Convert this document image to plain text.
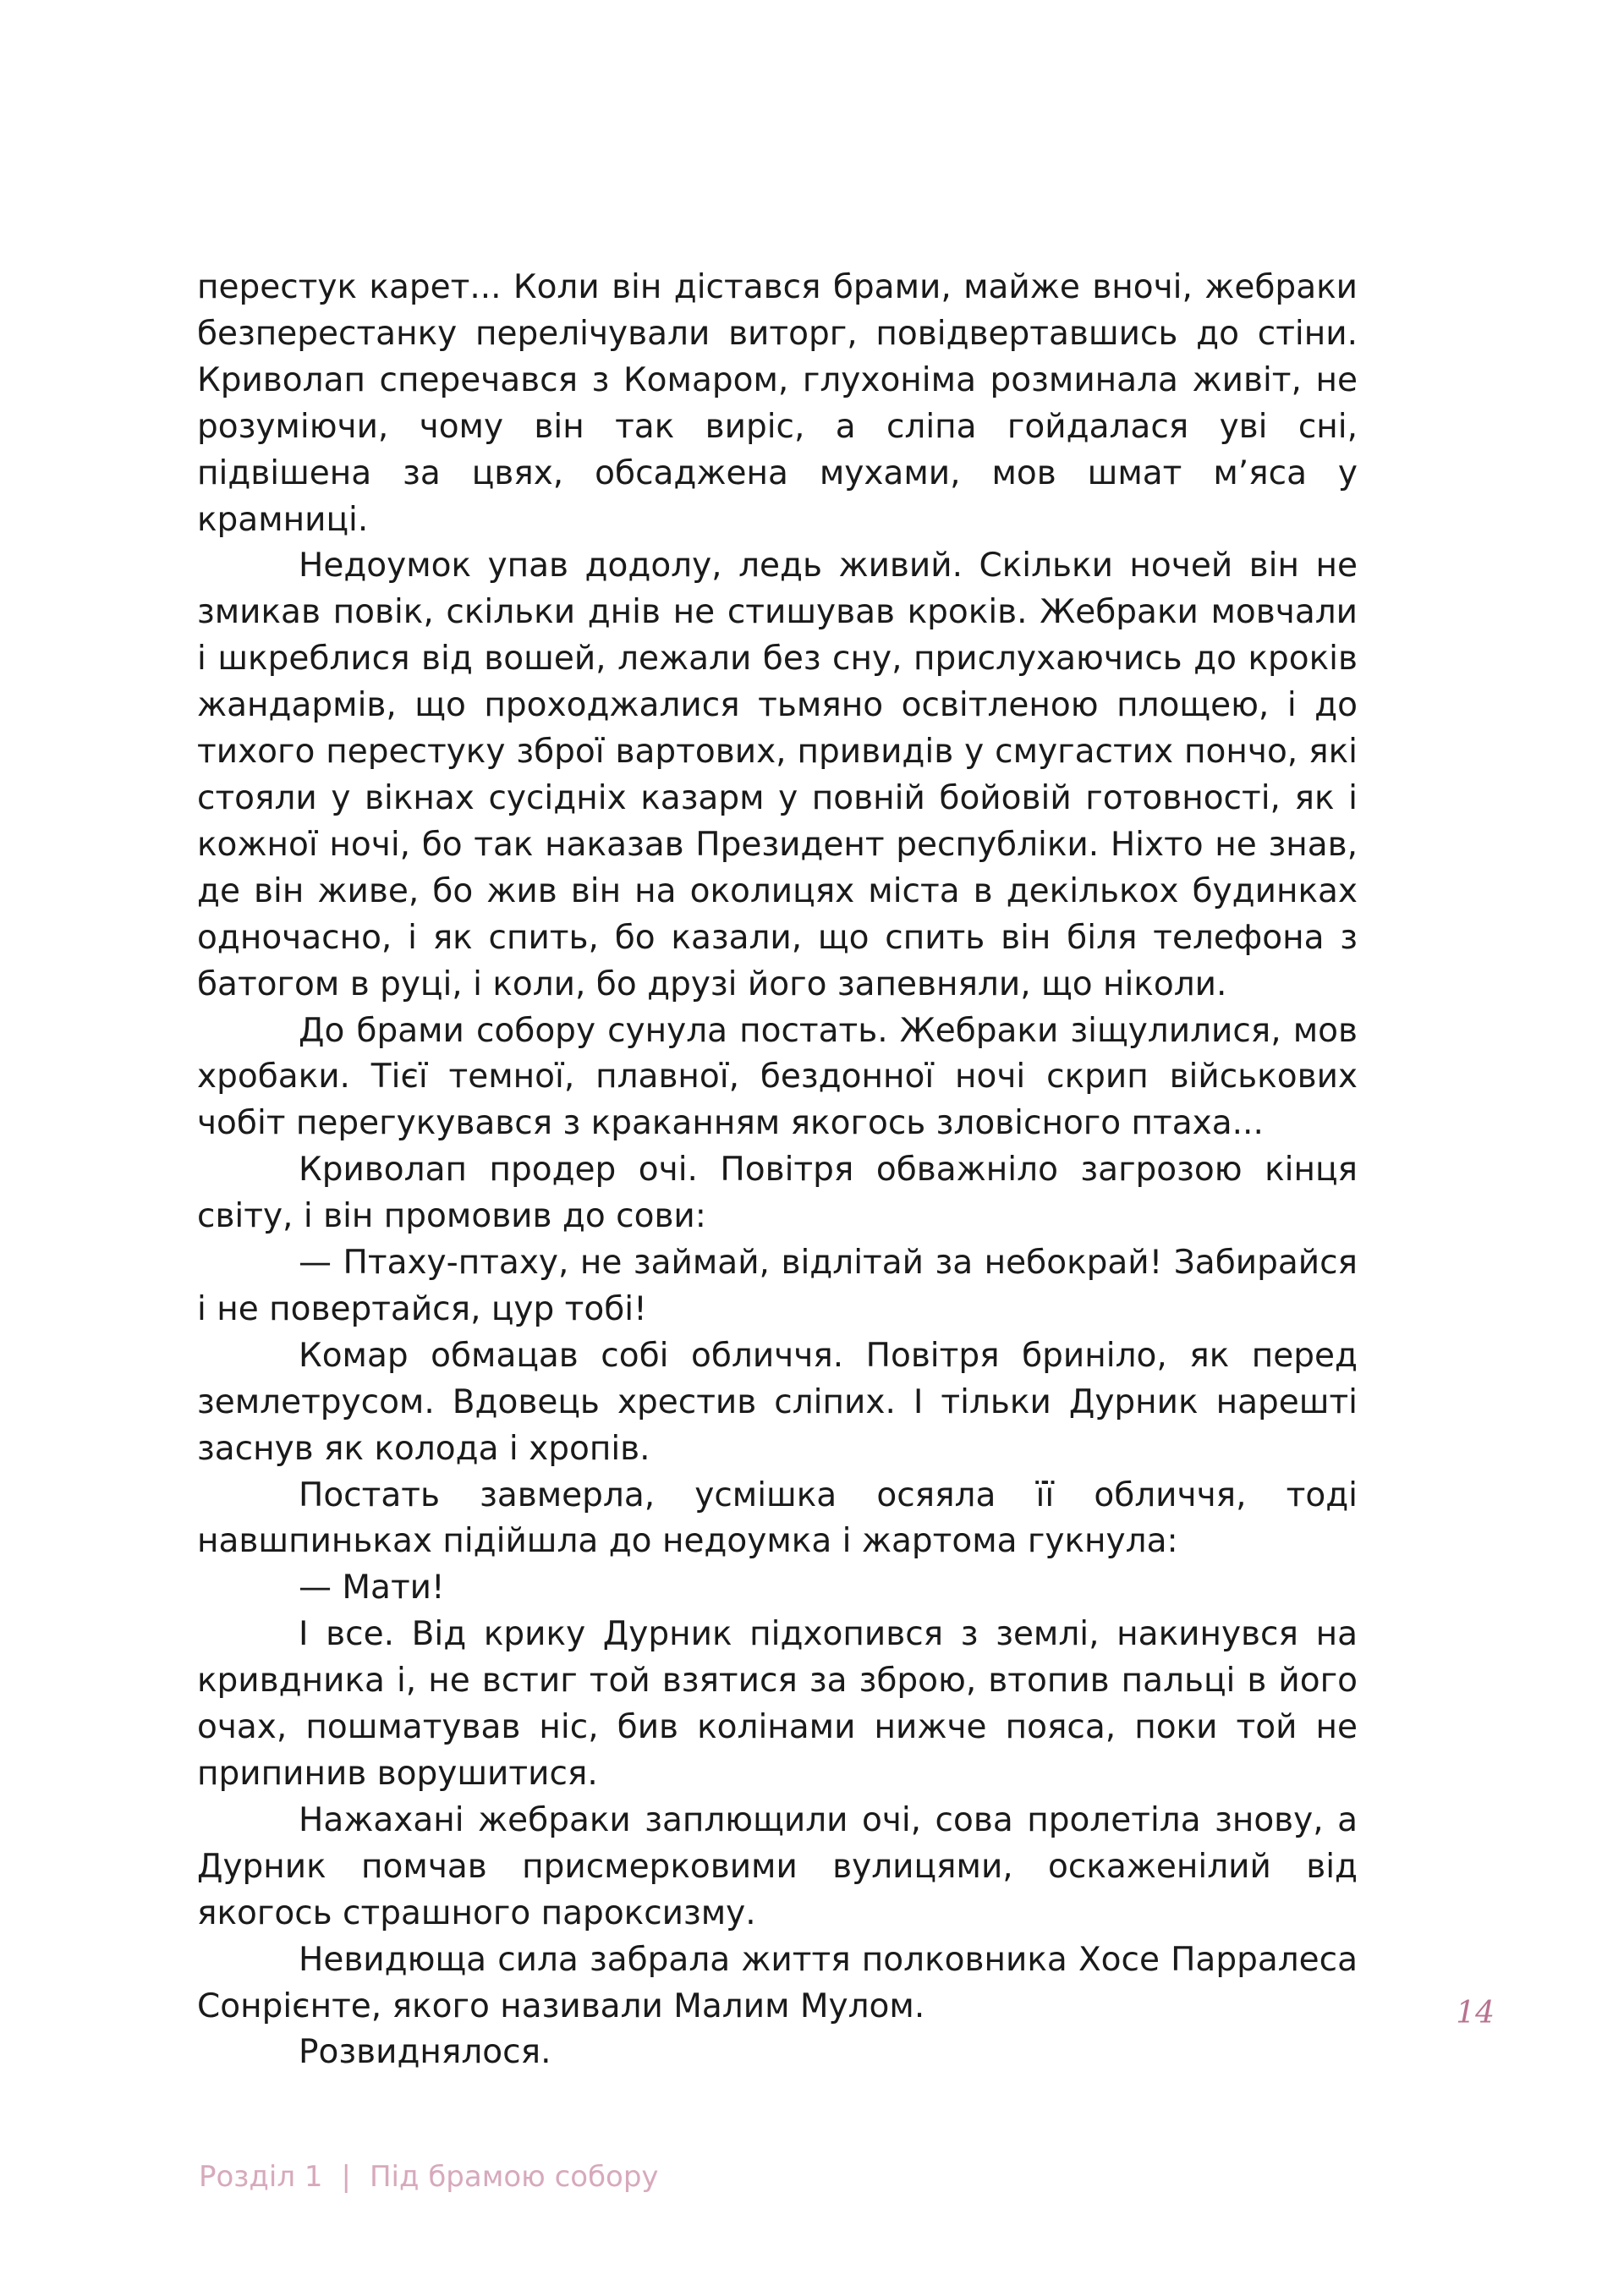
перестук карет... Коли він дістався брами, майже вночі, жебраки безперестанку перелічували виторг, повідвертавшись до стіни. Криволап сперечався з Комаром, глухоніма розминала живіт, не розуміючи, чому він так виріс, а сліпа гойдалася уві сні, підвішена за цвях, обсаджена мухами, мов шмат м’яса у крамниці.

Недоумок упав додолу, ледь живий. Скільки ночей він не змикав повік, скільки днів не стишував кроків. Жебраки мовчали і шкреблися від вошей, лежали без сну, прислухаючись до кроків жандармів, що проходжалися тьмяно освітленою площею, і до тихого перестуку зброї вартових, привидів у смугастих пончо, які стояли у вікнах сусідніх казарм у повній бойовій готовності, як і кожної ночі, бо так наказав Президент республіки. Ніхто не знав, де він живе, бо жив він на околицях міста в декількох будинках одночасно, і як спить, бо казали, що спить він біля телефона з батогом в руці, і коли, бо друзі його запевняли, що ніколи.

До брами собору сунула постать. Жебраки зіщулилися, мов хробаки. Тієї темної, плавної, бездонної ночі скрип військових чобіт перегукувався з краканням якогось зловісного птаха...

Криволап продер очі. Повітря обважніло загрозою кінця світу, і він промовив до сови:

— Птаху-птаху, не займай, відлітай за небокрай! Забирайся і не повертайся, цур тобі!

Комар обмацав собі обличчя. Повітря бриніло, як перед землетрусом. Вдовець хрестив сліпих. І тільки Дурник нарешті заснув як колода і хропів.

Постать завмерла, усмішка осяяла її обличчя, тоді навшпиньках підійшла до недоумка і жартома гукнула:

— Мати!

І все. Від крику Дурник підхопився з землі, накинувся на кривдника і, не встиг той взятися за зброю, втопив пальці в його очах, пошматував ніс, бив колінами нижче пояса, поки той не припинив ворушитися.

Нажахані жебраки заплющили очі, сова пролетіла знову, а Дурник помчав присмерковими вулицями, оскаженілий від якогось страшного пароксизму.

Невидюща сила забрала життя полковника Хосе Парралеса Сонрієнте, якого називали Малим Мулом.

Розвиднялося.

14
Розділ 1 | Під брамою собору
